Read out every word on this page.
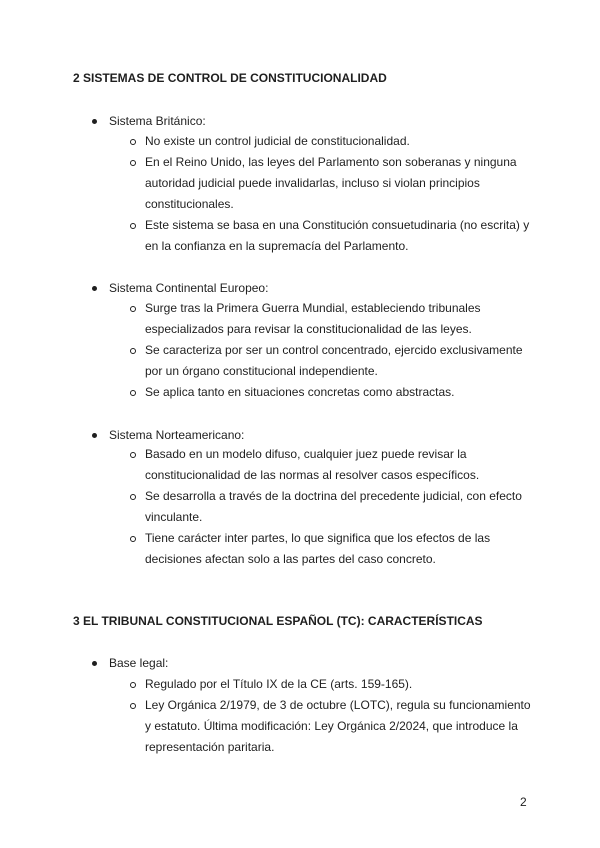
2 SISTEMAS DE CONTROL DE CONSTITUCIONALIDAD
Sistema Británico:
No existe un control judicial de constitucionalidad.
En el Reino Unido, las leyes del Parlamento son soberanas y ninguna autoridad judicial puede invalidarlas, incluso si violan principios constitucionales.
Este sistema se basa en una Constitución consuetudinaria (no escrita) y en la confianza en la supremacía del Parlamento.
Sistema Continental Europeo:
Surge tras la Primera Guerra Mundial, estableciendo tribunales especializados para revisar la constitucionalidad de las leyes.
Se caracteriza por ser un control concentrado, ejercido exclusivamente por un órgano constitucional independiente.
Se aplica tanto en situaciones concretas como abstractas.
Sistema Norteamericano:
Basado en un modelo difuso, cualquier juez puede revisar la constitucionalidad de las normas al resolver casos específicos.
Se desarrolla a través de la doctrina del precedente judicial, con efecto vinculante.
Tiene carácter inter partes, lo que significa que los efectos de las decisiones afectan solo a las partes del caso concreto.
3 EL TRIBUNAL CONSTITUCIONAL ESPAÑOL (TC): CARACTERÍSTICAS
Base legal:
Regulado por el Título IX de la CE (arts. 159-165).
Ley Orgánica 2/1979, de 3 de octubre (LOTC), regula su funcionamiento y estatuto. Última modificación: Ley Orgánica 2/2024, que introduce la representación paritaria.
2
